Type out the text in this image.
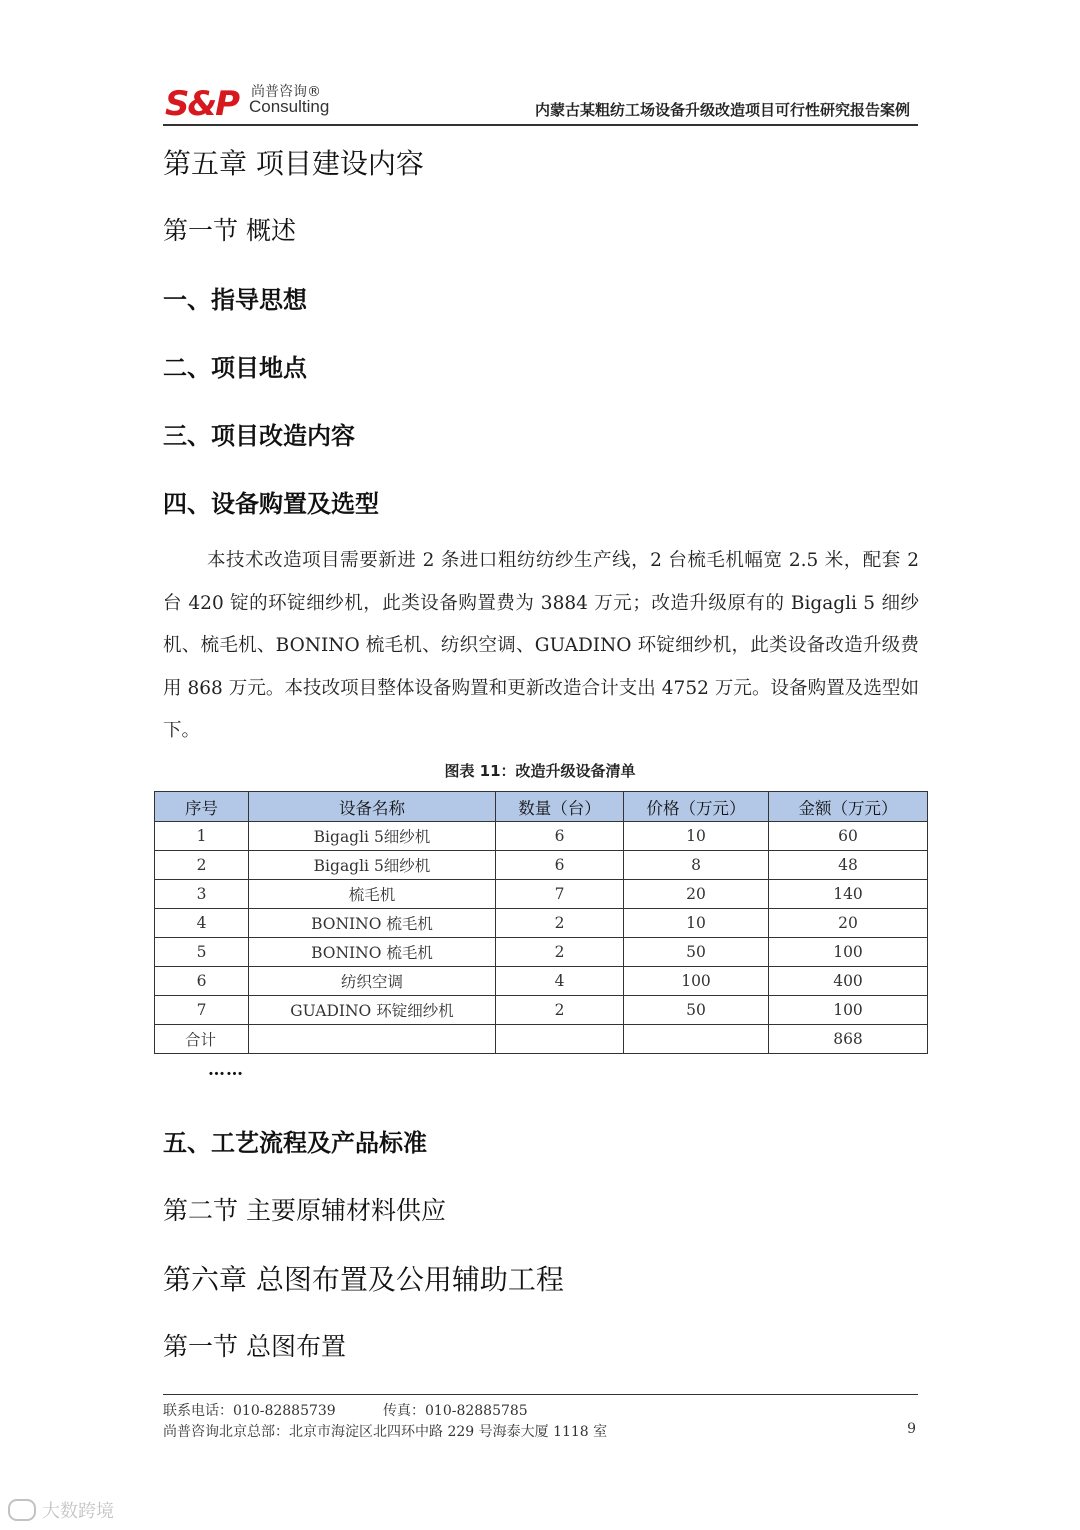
S&P 尚普咨询®
Consulting	内蒙古某粗纺工场设备升级改造项目可行性研究报告案例
第五章 项目建设内容
第一节 概述
一、指导思想
二、项目地点
三、项目改造内容
四、设备购置及选型

本技术改造项目需要新进 2 条进口粗纺纺纱生产线，2 台梳毛机幅宽 2.5 米，配套 2 台 420 锭的环锭细纱机，此类设备购置费为 3884 万元；改造升级原有的 Bigagli 5 细纱机、梳毛机、BONINO 梳毛机、纺织空调、GUADINO 环锭细纱机，此类设备改造升级费用 868 万元。本技改项目整体设备购置和更新改造合计支出 4752 万元。设备购置及选型如下。

图表 11：改造升级设备清单
序号	设备名称	数量（台）	价格（万元）	金额（万元）
1	Bigagli 5细纱机	6	10	60
2	Bigagli 5细纱机	6	8	48
3	梳毛机	7	20	140
4	BONINO 梳毛机	2	10	20
5	BONINO 梳毛机	2	50	100
6	纺织空调	4	100	400
7	GUADINO 环锭细纱机	2	50	100
合计				868
……
五、工艺流程及产品标准
第二节 主要原辅材料供应
第六章 总图布置及公用辅助工程
第一节 总图布置
联系电话：010-82885739	传真：010-82885785
尚普咨询北京总部：北京市海淀区北四环中路 229 号海泰大厦 1118 室	9
大数跨境
